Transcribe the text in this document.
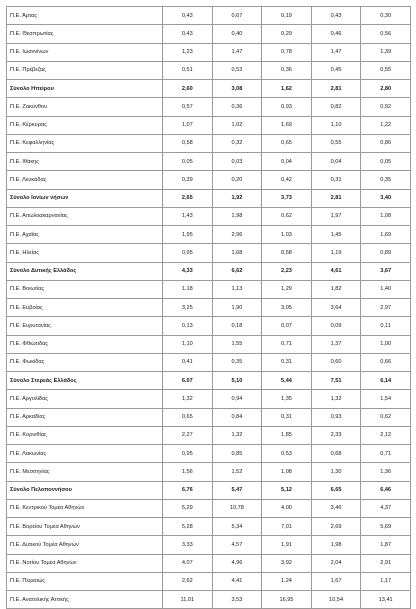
Π.Ε. Άρτας	0,43	0,67	0,19	0,43	0,30
Π.Ε. Θεσπρωτίας	0,43	0,40	0,29	0,46	0,56
Π.Ε. Ιωαννίνων	1,23	1,47	0,78	1,47	1,39
Π.Ε. Πρέβεζας	0,51	0,53	0,36	0,45	0,55
Σύνολο Ηπείρου	2,60	3,08	1,62	2,81	2,80
Π.Ε. Ζακύνθου	0,57	0,36	0,93	0,82	0,92
Π.Ε. Κέρκυρας	1,07	1,02	1,69	1,10	1,22
Π.Ε. Κεφαλληνίας	0,58	0,32	0,65	0,55	0,86
Π.Ε. Ιθάκης	0,05	0,03	0,04	0,04	0,05
Π.Ε. Λευκάδας	0,39	0,20	0,42	0,31	0,35
Σύνολο Ιονίων νήσων	2,65	1,92	3,73	2,81	3,40
Π.Ε. Αιτωλοακαρνανίας	1,43	1,98	0,62	1,97	1,08
Π.Ε. Αχαΐας	1,95	2,96	1,03	1,45	1,69
Π.Ε. Ηλείας	0,95	1,68	0,58	1,19	0,89
Σύνολο Δυτικής Ελλάδος	4,33	6,62	2,23	4,61	3,67
Π.Ε. Βοιωτίας	1,18	1,13	1,29	1,82	1,40
Π.Ε. Ευβοίας	3,25	1,90	3,05	3,64	2,97
Π.Ε. Ευρυτανίας	0,13	0,18	0,07	0,09	0,11
Π.Ε. Φθιώτιδας	1,10	1,55	0,71	1,37	1,00
Π.Ε. Φωκίδας	0,41	0,35	0,31	0,60	0,66
Σύνολο Στερεάς Ελλάδος	6,07	5,10	5,44	7,51	6,14
Π.Ε. Αργολίδας	1,32	0,94	1,35	1,32	1,54
Π.Ε. Αρκαδίας	0,65	0,84	0,31	0,93	0,62
Π.Ε. Κορινθίας	2,27	1,32	1,85	2,33	2,12
Π.Ε. Λακωνίας	0,95	0,85	0,53	0,68	0,71
Π.Ε. Μεσσηνίας	1,56	1,52	1,08	1,30	1,36
Σύνολο Πελοποννήσου	6,76	5,47	5,12	6,65	6,46
Π.Ε. Κεντρικού Τομέα Αθηνών	5,29	10,78	4,00	3,46	4,37
Π.Ε. Βορείου Τομέα Αθηνών	5,28	5,34	7,01	2,69	5,69
Π.Ε. Δυτικού Τομέα Αθηνών	3,33	4,57	1,91	1,98	1,87
Π.Ε. Νοτίου Τομέα Αθηνών	4,07	4,96	3,92	2,04	2,91
Π.Ε. Πειραιώς	2,62	4,41	1,24	1,67	1,17
Π.Ε. Ανατολικής Αττικής	11,01	3,53	16,95	10,54	13,41
